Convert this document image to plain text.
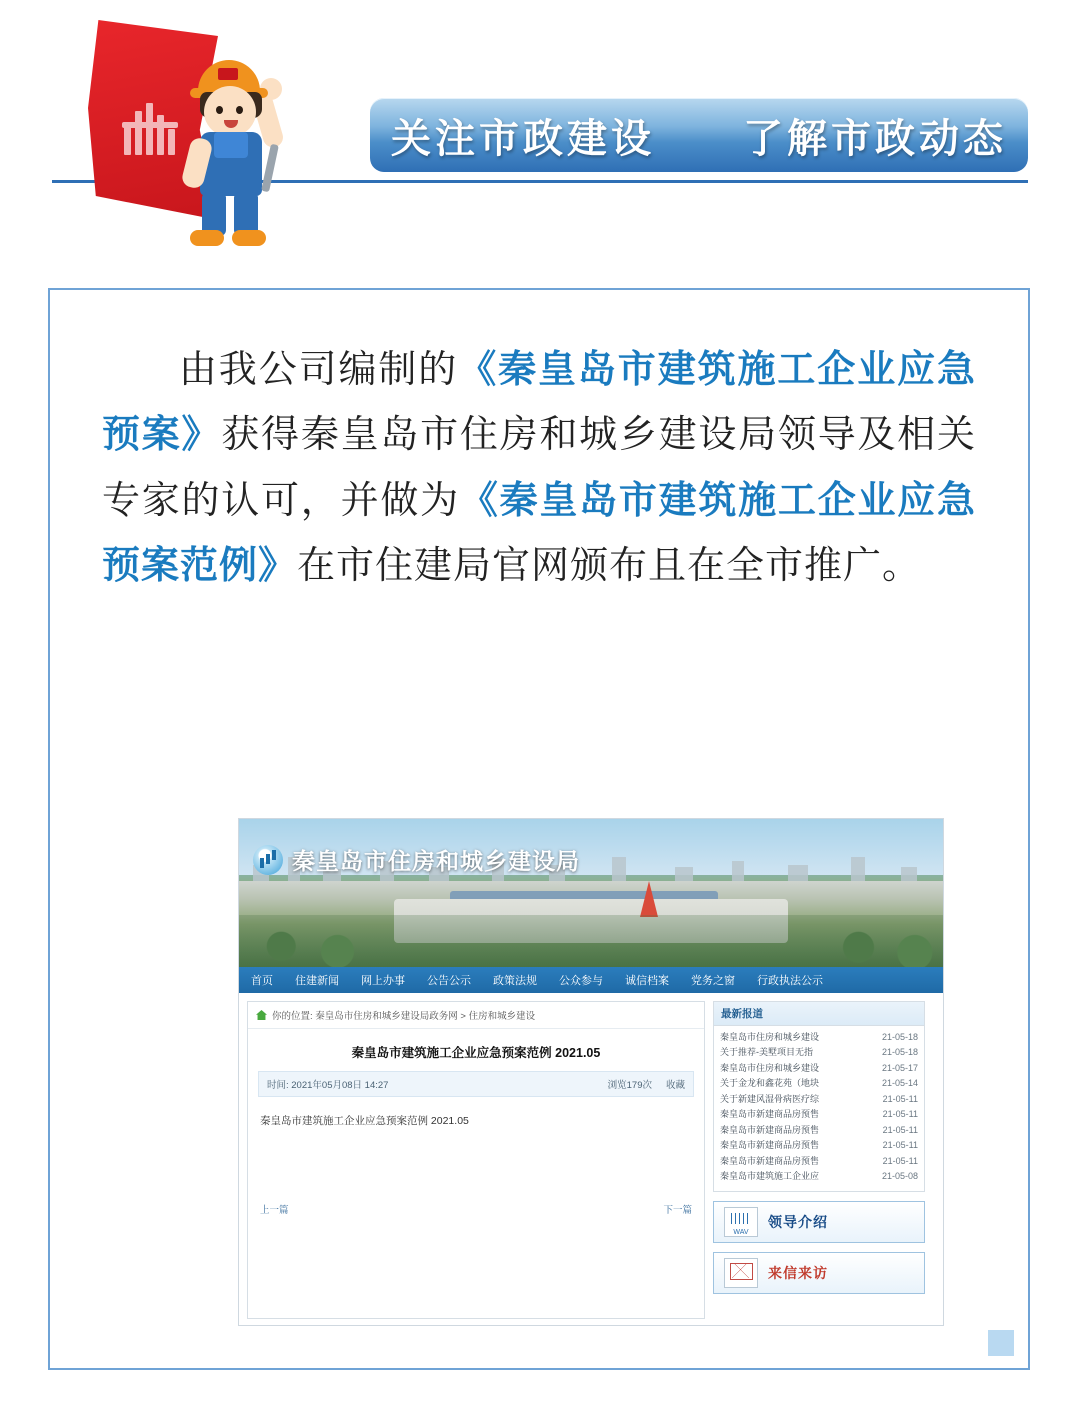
关注市政建设　　了解市政动态

由我公司编制的《秦皇岛市建筑施工企业应急预案》获得秦皇岛市住房和城乡建设局领导及相关专家的认可，并做为《秦皇岛市建筑施工企业应急预案范例》在市住建局官网颁布且在全市推广。

秦皇岛市住房和城乡建设局
首页 住建新闻 网上办事 公告公示 政策法规 公众参与 诚信档案 党务之窗 行政执法公示
你的位置: 秦皇岛市住房和城乡建设局政务网 > 住房和城乡建设
秦皇岛市建筑施工企业应急预案范例 2021.05
时间: 2021年05月08日 14:27	浏览179次 收藏
秦皇岛市建筑施工企业应急预案范例 2021.05
上一篇	下一篇
最新报道
秦皇岛市住房和城乡建设	21-05-18
关于推荐-美墅项目无指	21-05-18
秦皇岛市住房和城乡建设	21-05-17
关于金龙和鑫花苑（地块	21-05-14
关于新建风湿骨病医疗综	21-05-11
秦皇岛市新建商品房预售	21-05-11
秦皇岛市新建商品房预售	21-05-11
秦皇岛市新建商品房预售	21-05-11
秦皇岛市新建商品房预售	21-05-11
秦皇岛市建筑施工企业应	21-05-08
WAV
领导介绍
来信来访
